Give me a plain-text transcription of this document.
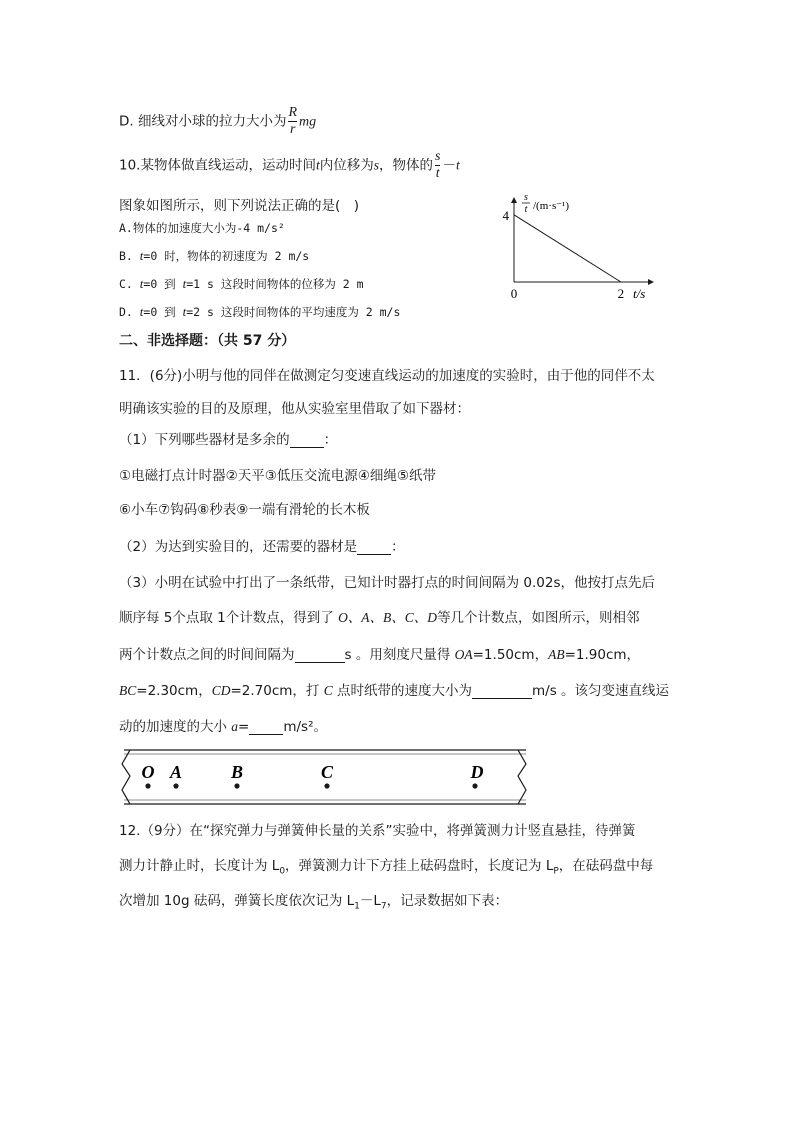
D. 细线对小球的拉力大小为 $\frac{R}{r}$ mg
10.某物体做直线运动，运动时间t内位移为s，物体的 $\frac{s}{t} -t$
图象如图所示，则下列说法正确的是(　)
A.物体的加速度大小为-4 m/s²
B. t=0 时，物体的初速度为 2 m/s
C. t=0 到 t=1 s 这段时间物体的位移为 2 m
D. t=0 到 t=2 s 这段时间物体的平均速度为 2 m/s
s
t /(m·s⁻¹)
4
0	2 t/s
二、非选择题：（共 57 分）
11．(6分)小明与他的同伴在做测定匀变速直线运动的加速度的实验时，由于他的同伴不太
明确该实验的目的及原理，他从实验室里借取了如下器材：
（1）下列哪些器材是多余的	：
①电磁打点计时器②天平③低压交流电源④细绳⑤纸带
⑥小车⑦钩码⑧秒表⑨一端有滑轮的长木板
（2）为达到实验目的，还需要的器材是	：
（3）小明在试验中打出了一条纸带，已知计时器打点的时间间隔为 0.02s，他按打点先后
顺序每 5个点取 1个计数点，得到了 O、A、B、C、D等几个计数点，如图所示，则相邻
两个计数点之间的时间间隔为	s 。用刻度尺量得 OA=1.50cm，AB=1.90cm，
BC=2.30cm，CD=2.70cm，打 C 点时纸带的速度大小为	m/s 。该匀变速直线运
动的加速度的大小 a=	m/s²。
O A	B	C	D
12.（9分）在“探究弹力与弹簧伸长量的关系”实验中，将弹簧测力计竖直悬挂，待弹簧
测力计静止时，长度计为 $L_0$，弹簧测力计下方挂上砝码盘时，长度记为 $L_P$，在砝码盘中每
次增加 10g 砝码，弹簧长度依次记为 $L_1-L_7$，记录数据如下表：
